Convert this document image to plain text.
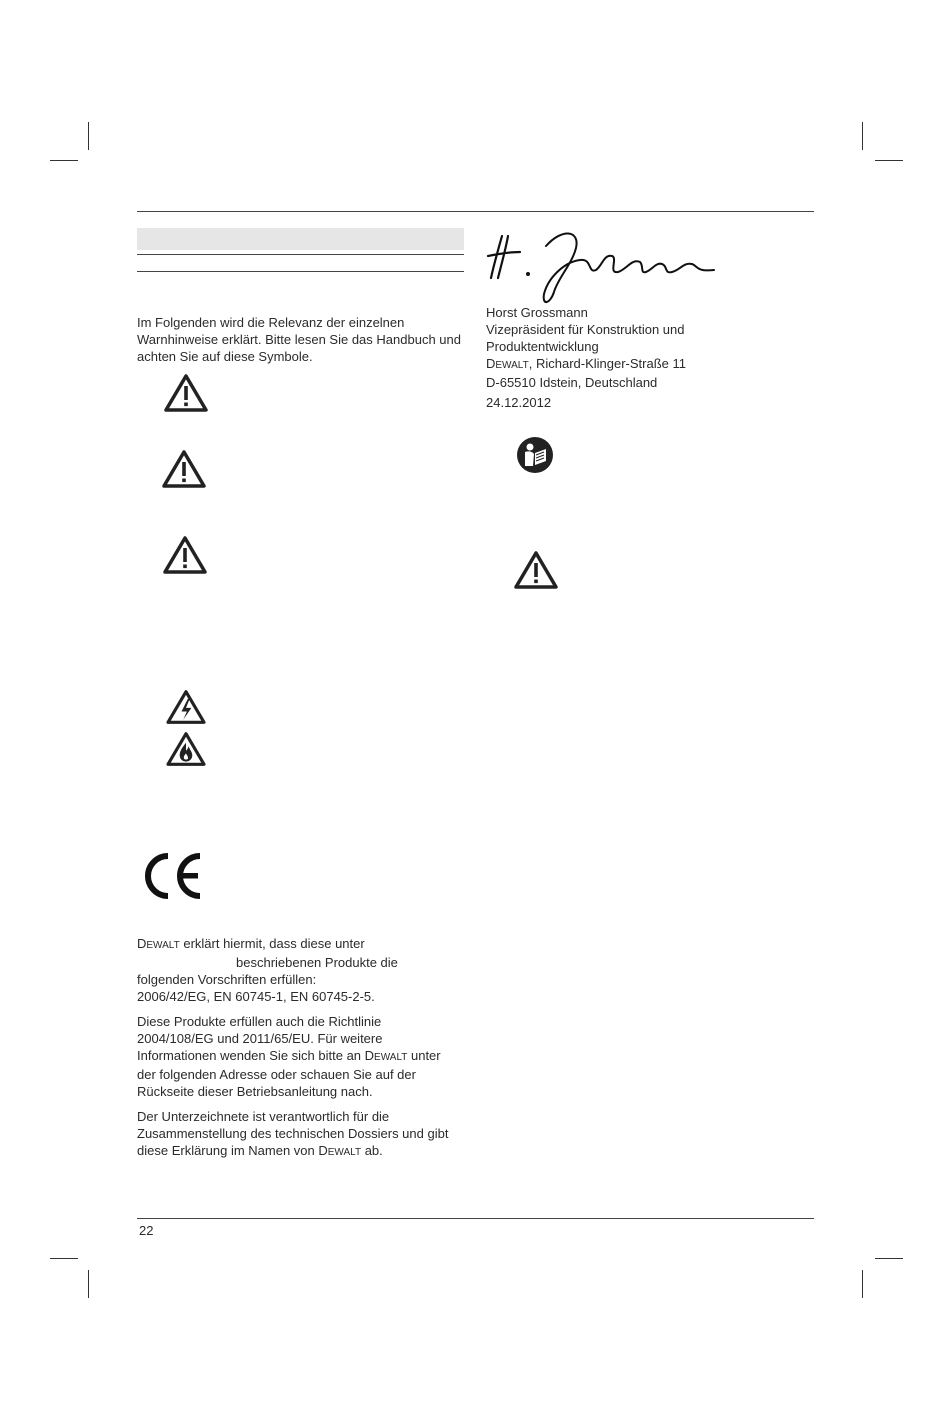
Im Folgenden wird die Relevanz der einzelnen Warnhinweise erklärt. Bitte lesen Sie das Handbuch und achten Sie auf diese Symbole.
DEWALT erklärt hiermit, dass diese unter
beschriebenen Produkte die
folgenden Vorschriften erfüllen:
2006/42/EG, EN 60745-1, EN 60745-2-5.
Diese Produkte erfüllen auch die Richtlinie 2004/108/EG und 2011/65/EU. Für weitere Informationen wenden Sie sich bitte an DEWALT unter der folgenden Adresse oder schauen Sie auf der Rückseite dieser Betriebsanleitung nach.
Der Unterzeichnete ist verantwortlich für die Zusammenstellung des technischen Dossiers und gibt diese Erklärung im Namen von DEWALT ab.
Horst Grossmann
Vizepräsident für Konstruktion und
Produktentwicklung
DEWALT, Richard-Klinger-Straße 11
D-65510 Idstein, Deutschland
24.12.2012
22
